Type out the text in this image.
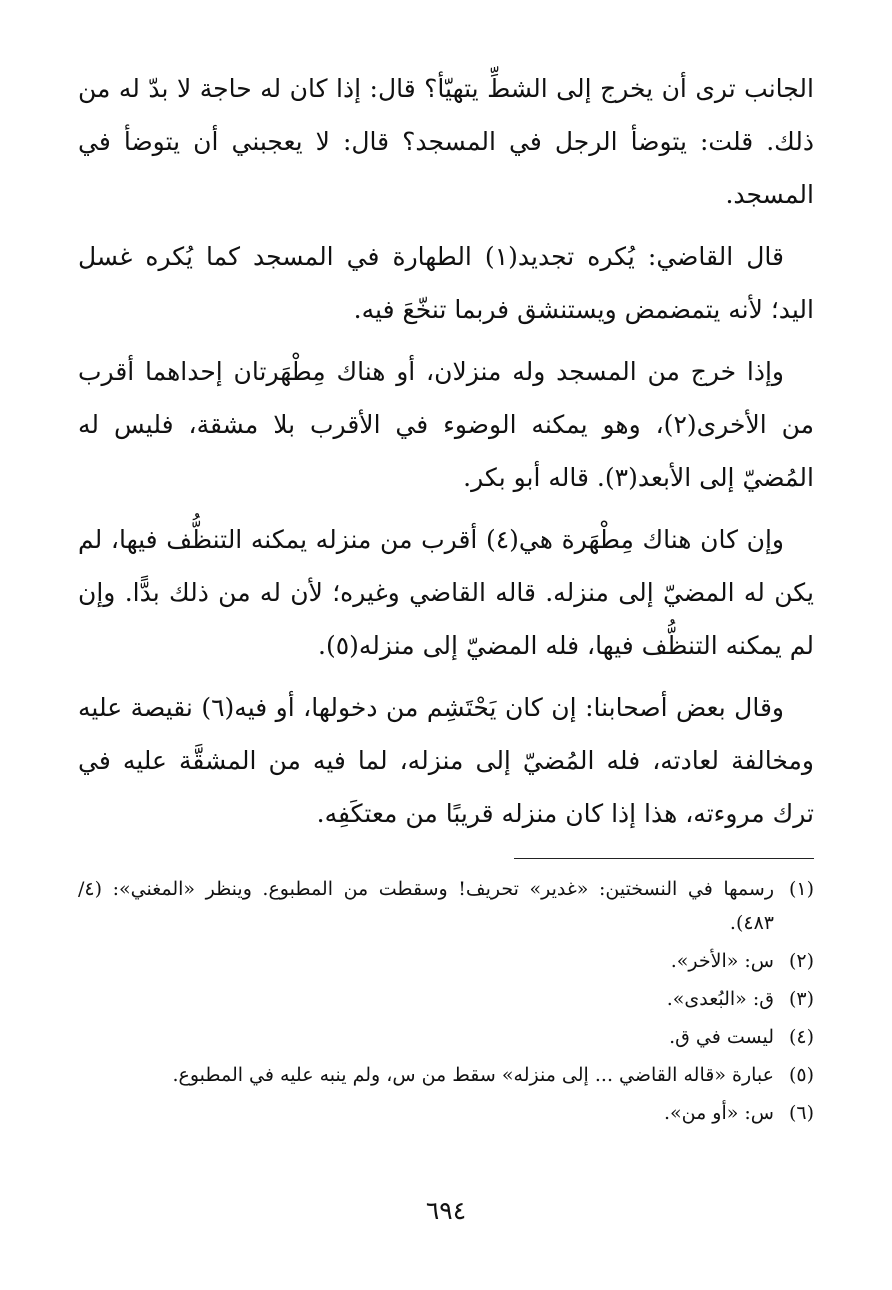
الجانب ترى أن يخرج إلى الشطِّ يتهيّأ؟ قال: إذا كان له حاجة لا بدّ له من ذلك. قلت: يتوضأ الرجل في المسجد؟ قال: لا يعجبني أن يتوضأ في المسجد.

قال القاضي: يُكره تجديد(١) الطهارة في المسجد كما يُكره غسل اليد؛ لأنه يتمضمض ويستنشق فربما تنخّعَ فيه.

وإذا خرج من المسجد وله منزلان، أو هناك مِطْهَرتان إحداهما أقرب من الأخرى(٢)، وهو يمكنه الوضوء في الأقرب بلا مشقة، فليس له المُضيّ إلى الأبعد(٣). قاله أبو بكر.

وإن كان هناك مِطْهَرة هي(٤) أقرب من منزله يمكنه التنظُّف فيها، لم يكن له المضيّ إلى منزله. قاله القاضي وغيره؛ لأن له من ذلك بدًّا. وإن لم يمكنه التنظُّف فيها، فله المضيّ إلى منزله(٥).

وقال بعض أصحابنا: إن كان يَحْتَشِم من دخولها، أو فيه(٦) نقيصة عليه ومخالفة لعادته، فله المُضيّ إلى منزله، لما فيه من المشقَّة عليه في ترك مروءته، هذا إذا كان منزله قريبًا من معتكَفِه.

(١)
رسمها في النسختين: «غدير» تحريف! وسقطت من المطبوع. وينظر «المغني»: (٤/ ٤٨٣).
(٢)
س: «الأخر».
(٣)
ق: «البُعدى».
(٤)
ليست في ق.
(٥)
عبارة «قاله القاضي ... إلى منزله» سقط من س، ولم ينبه عليه في المطبوع.
(٦)
س: «أو من».
٦٩٤
